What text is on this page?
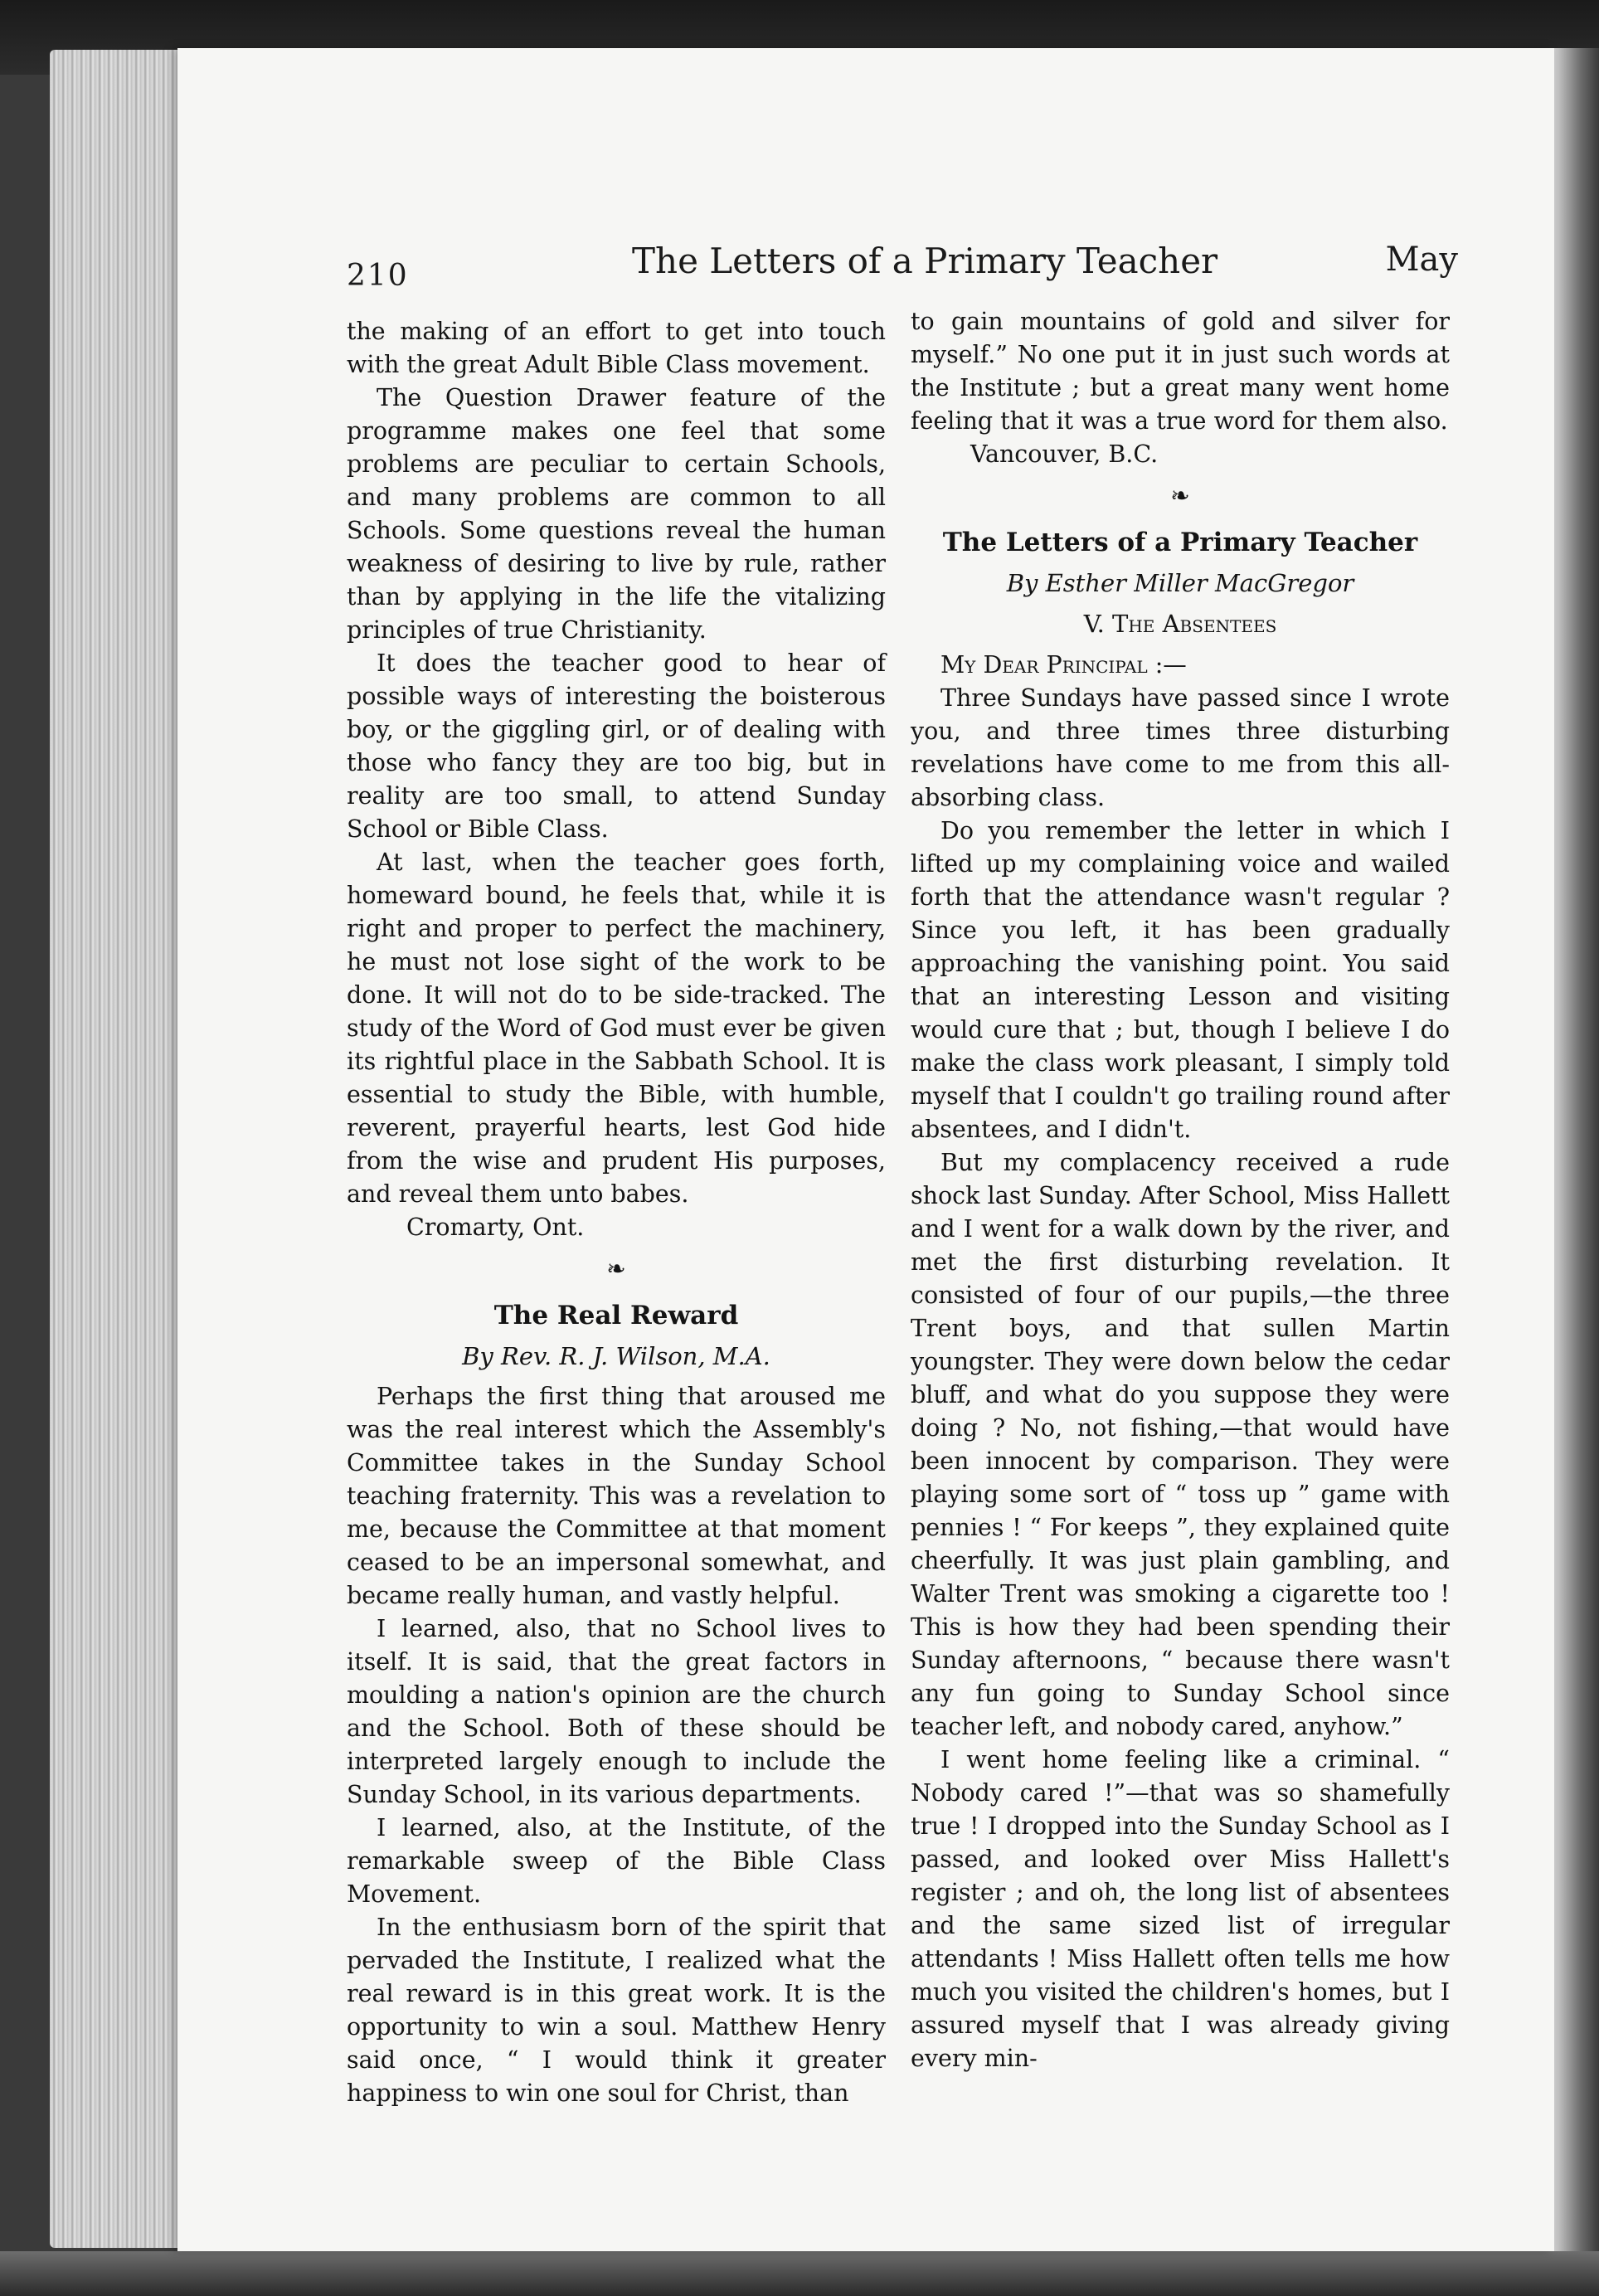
210	The Letters of a Primary Teacher	May

the making of an effort to get into touch with the great Adult Bible Class movement.

The Question Drawer feature of the programme makes one feel that some problems are peculiar to certain Schools, and many problems are common to all Schools. Some questions reveal the human weakness of desiring to live by rule, rather than by applying in the life the vitalizing principles of true Christianity.

It does the teacher good to hear of possible ways of interesting the boisterous boy, or the giggling girl, or of dealing with those who fancy they are too big, but in reality are too small, to attend Sunday School or Bible Class.

At last, when the teacher goes forth, homeward bound, he feels that, while it is right and proper to perfect the machinery, he must not lose sight of the work to be done. It will not do to be side-tracked. The study of the Word of God must ever be given its rightful place in the Sabbath School. It is essential to study the Bible, with humble, reverent, prayerful hearts, lest God hide from the wise and prudent His purposes, and reveal them unto babes.

Cromarty, Ont.

❧
The Real Reward
By Rev. R. J. Wilson, M.A.

Perhaps the first thing that aroused me was the real interest which the Assembly's Committee takes in the Sunday School teaching fraternity. This was a revelation to me, because the Committee at that moment ceased to be an impersonal somewhat, and became really human, and vastly helpful.

I learned, also, that no School lives to itself. It is said, that the great factors in moulding a nation's opinion are the church and the School. Both of these should be interpreted largely enough to include the Sunday School, in its various departments.

I learned, also, at the Institute, of the remarkable sweep of the Bible Class Movement.

In the enthusiasm born of the spirit that pervaded the Institute, I realized what the real reward is in this great work. It is the opportunity to win a soul. Matthew Henry said once, “ I would think it greater happiness to win one soul for Christ, than

to gain mountains of gold and silver for myself.” No one put it in just such words at the Institute ; but a great many went home feeling that it was a true word for them also.

Vancouver, B.C.

❧
The Letters of a Primary Teacher
By Esther Miller MacGregor
V. The Absentees

My Dear Principal :—

Three Sundays have passed since I wrote you, and three times three disturbing revelations have come to me from this all-absorbing class.

Do you remember the letter in which I lifted up my complaining voice and wailed forth that the attendance wasn't regular ? Since you left, it has been gradually approaching the vanishing point. You said that an interesting Lesson and visiting would cure that ; but, though I believe I do make the class work pleasant, I simply told myself that I couldn't go trailing round after absentees, and I didn't.

But my complacency received a rude shock last Sunday. After School, Miss Hallett and I went for a walk down by the river, and met the first disturbing revelation. It consisted of four of our pupils,—the three Trent boys, and that sullen Martin youngster. They were down below the cedar bluff, and what do you suppose they were doing ? No, not fishing,—that would have been innocent by comparison. They were playing some sort of “ toss up ” game with pennies ! “ For keeps ”, they explained quite cheerfully. It was just plain gambling, and Walter Trent was smoking a cigarette too ! This is how they had been spending their Sunday afternoons, “ because there wasn't any fun going to Sunday School since teacher left, and nobody cared, anyhow.”

I went home feeling like a criminal. “ Nobody cared !”—that was so shamefully true ! I dropped into the Sunday School as I passed, and looked over Miss Hallett's register ; and oh, the long list of absentees and the same sized list of irregular attendants ! Miss Hallett often tells me how much you visited the children's homes, but I assured myself that I was already giving every min-
